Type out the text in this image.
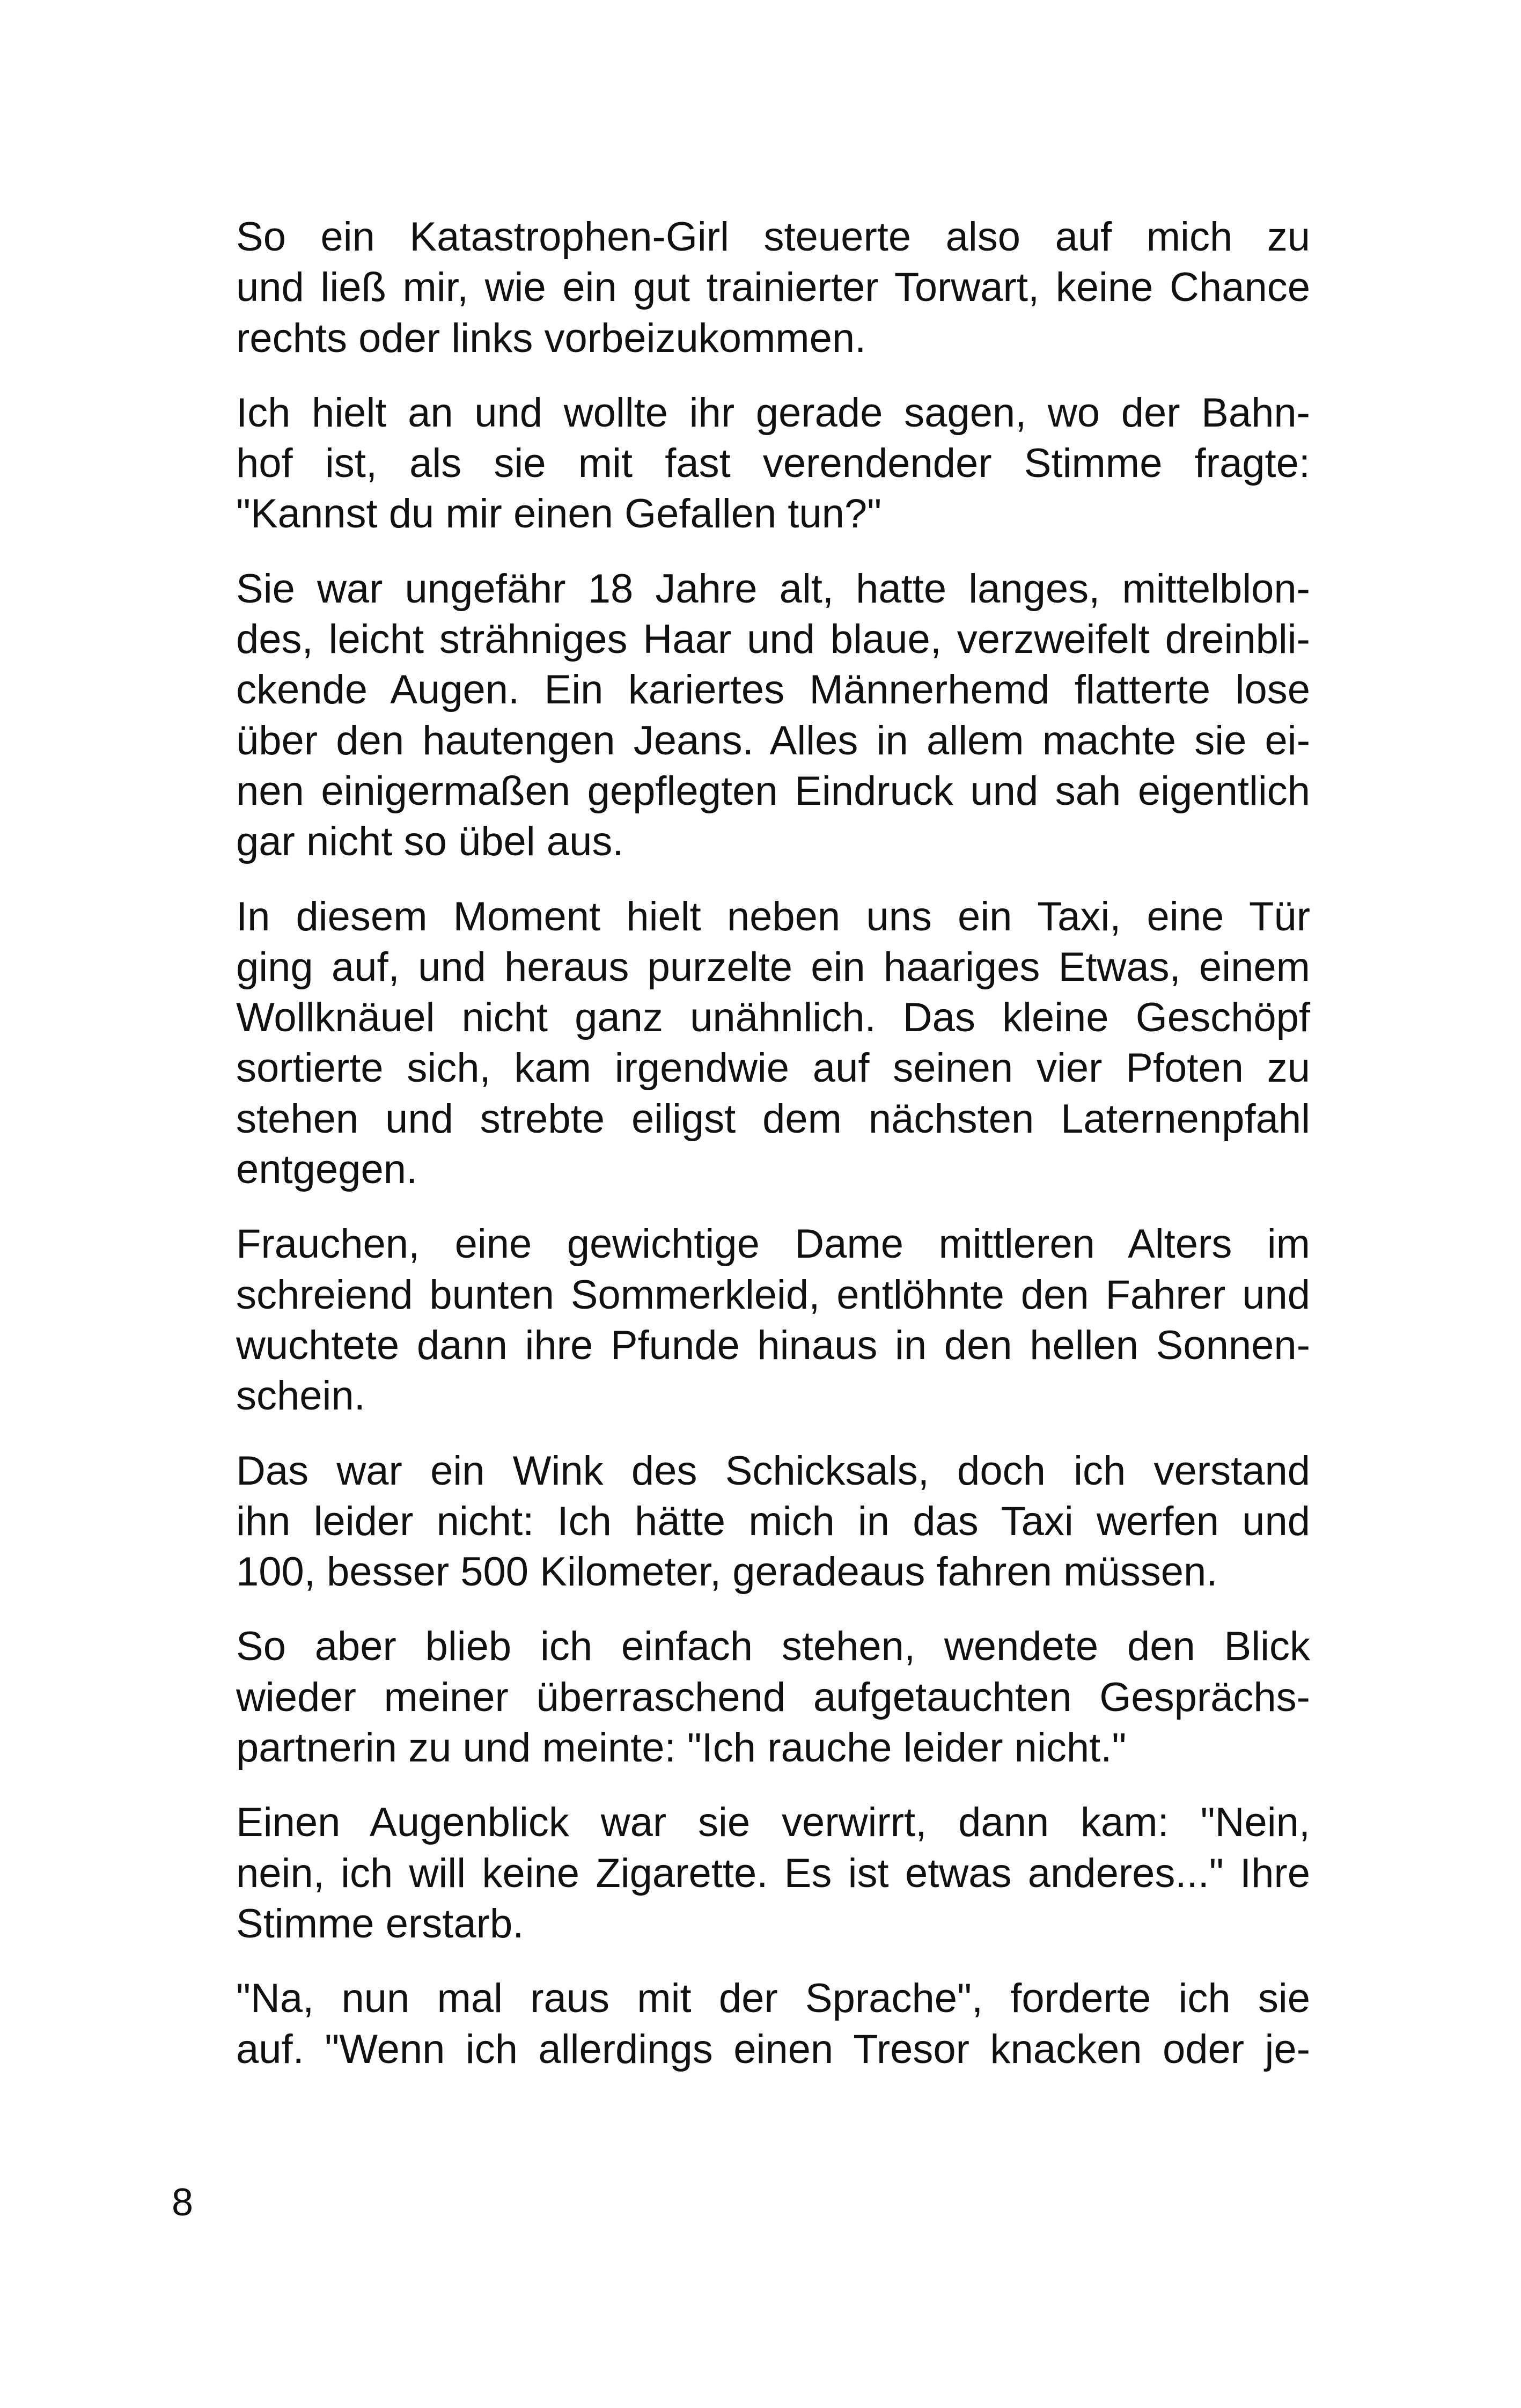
So ein Katastrophen-Girl steuerte also auf mich zu
und ließ mir, wie ein gut trainierter Torwart, keine Chance
rechts oder links vorbeizukommen.

Ich hielt an und wollte ihr gerade sagen, wo der Bahn-
hof ist, als sie mit fast verendender Stimme fragte:
"Kannst du mir einen Gefallen tun?"

Sie war ungefähr 18 Jahre alt, hatte langes, mittelblon-
des, leicht strähniges Haar und blaue, verzweifelt dreinbli-
ckende Augen. Ein kariertes Männerhemd flatterte lose
über den hautengen Jeans. Alles in allem machte sie ei-
nen einigermaßen gepflegten Eindruck und sah eigentlich
gar nicht so übel aus.

In diesem Moment hielt neben uns ein Taxi, eine Tür
ging auf, und heraus purzelte ein haariges Etwas, einem
Wollknäuel nicht ganz unähnlich. Das kleine Geschöpf
sortierte sich, kam irgendwie auf seinen vier Pfoten zu
stehen und strebte eiligst dem nächsten Laternenpfahl
entgegen.

Frauchen, eine gewichtige Dame mittleren Alters im
schreiend bunten Sommerkleid, entlöhnte den Fahrer und
wuchtete dann ihre Pfunde hinaus in den hellen Sonnen-
schein.

Das war ein Wink des Schicksals, doch ich verstand
ihn leider nicht: Ich hätte mich in das Taxi werfen und
100, besser 500 Kilometer, geradeaus fahren müssen.

So aber blieb ich einfach stehen, wendete den Blick
wieder meiner überraschend aufgetauchten Gesprächs-
partnerin zu und meinte: "Ich rauche leider nicht."

Einen Augenblick war sie verwirrt, dann kam: "Nein,
nein, ich will keine Zigarette. Es ist etwas anderes..." Ihre
Stimme erstarb.

"Na, nun mal raus mit der Sprache", forderte ich sie
auf. "Wenn ich allerdings einen Tresor knacken oder je-

8
